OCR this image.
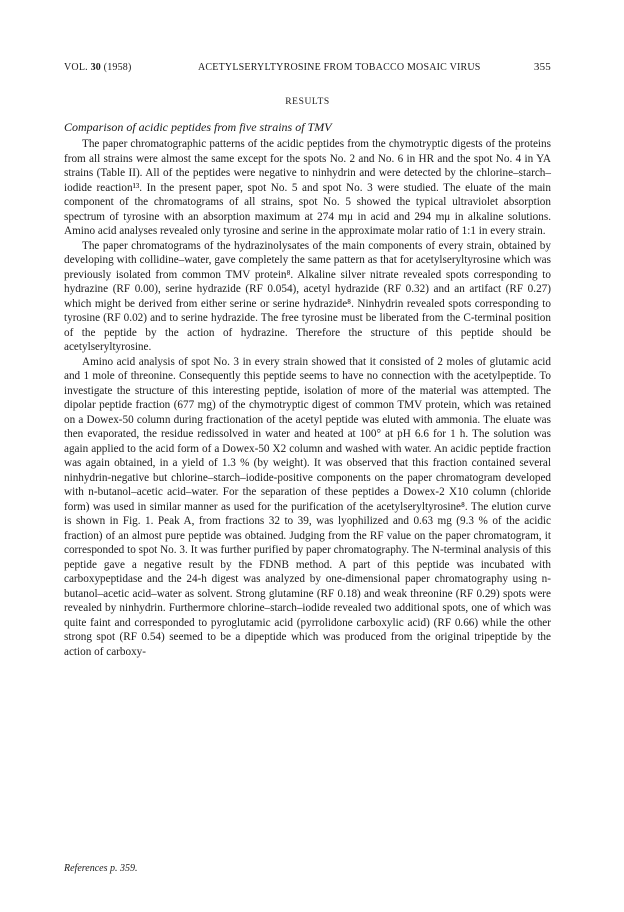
VOL. 30 (1958)	ACETYLSERYLTYROSINE FROM TOBACCO MOSAIC VIRUS	355
RESULTS
Comparison of acidic peptides from five strains of TMV

The paper chromatographic patterns of the acidic peptides from the chymotryptic digests of the proteins from all strains were almost the same except for the spots No. 2 and No. 6 in HR and the spot No. 4 in YA strains (Table II). All of the peptides were negative to ninhydrin and were detected by the chlorine–starch–iodide reaction¹³. In the present paper, spot No. 5 and spot No. 3 were studied. The eluate of the main component of the chromatograms of all strains, spot No. 5 showed the typical ultraviolet absorption spectrum of tyrosine with an absorption maximum at 274 mμ in acid and 294 mμ in alkaline solutions. Amino acid analyses revealed only tyrosine and serine in the approximate molar ratio of 1:1 in every strain.

The paper chromatograms of the hydrazinolysates of the main components of every strain, obtained by developing with collidine–water, gave completely the same pattern as that for acetylseryltyrosine which was previously isolated from common TMV protein⁸. Alkaline silver nitrate revealed spots corresponding to hydrazine (RF 0.00), serine hydrazide (RF 0.054), acetyl hydrazide (RF 0.32) and an artifact (RF 0.27) which might be derived from either serine or serine hydrazide⁸. Ninhydrin revealed spots corresponding to tyrosine (RF 0.02) and to serine hydrazide. The free tyrosine must be liberated from the C-terminal position of the peptide by the action of hydrazine. Therefore the structure of this peptide should be acetylseryltyrosine.

Amino acid analysis of spot No. 3 in every strain showed that it consisted of 2 moles of glutamic acid and 1 mole of threonine. Consequently this peptide seems to have no connection with the acetylpeptide. To investigate the structure of this interesting peptide, isolation of more of the material was attempted. The dipolar peptide fraction (677 mg) of the chymotryptic digest of common TMV protein, which was retained on a Dowex-50 column during fractionation of the acetyl peptide was eluted with ammonia. The eluate was then evaporated, the residue redissolved in water and heated at 100° at pH 6.6 for 1 h. The solution was again applied to the acid form of a Dowex-50 X2 column and washed with water. An acidic peptide fraction was again obtained, in a yield of 1.3 % (by weight). It was observed that this fraction contained several ninhydrin-negative but chlorine–starch–iodide-positive components on the paper chromatogram developed with n-butanol–acetic acid–water. For the separation of these peptides a Dowex-2 X10 column (chloride form) was used in similar manner as used for the purification of the acetylseryltyrosine⁸. The elution curve is shown in Fig. 1. Peak A, from fractions 32 to 39, was lyophilized and 0.63 mg (9.3 % of the acidic fraction) of an almost pure peptide was obtained. Judging from the RF value on the paper chromatogram, it corresponded to spot No. 3. It was further purified by paper chromatography. The N-terminal analysis of this peptide gave a negative result by the FDNB method. A part of this peptide was incubated with carboxypeptidase and the 24-h digest was analyzed by one-dimensional paper chromatography using n-butanol–acetic acid–water as solvent. Strong glutamine (RF 0.18) and weak threonine (RF 0.29) spots were revealed by ninhydrin. Furthermore chlorine–starch–iodide revealed two additional spots, one of which was quite faint and corresponded to pyroglutamic acid (pyrrolidone carboxylic acid) (RF 0.66) while the other strong spot (RF 0.54) seemed to be a dipeptide which was produced from the original tripeptide by the action of carboxy-

References p. 359.
